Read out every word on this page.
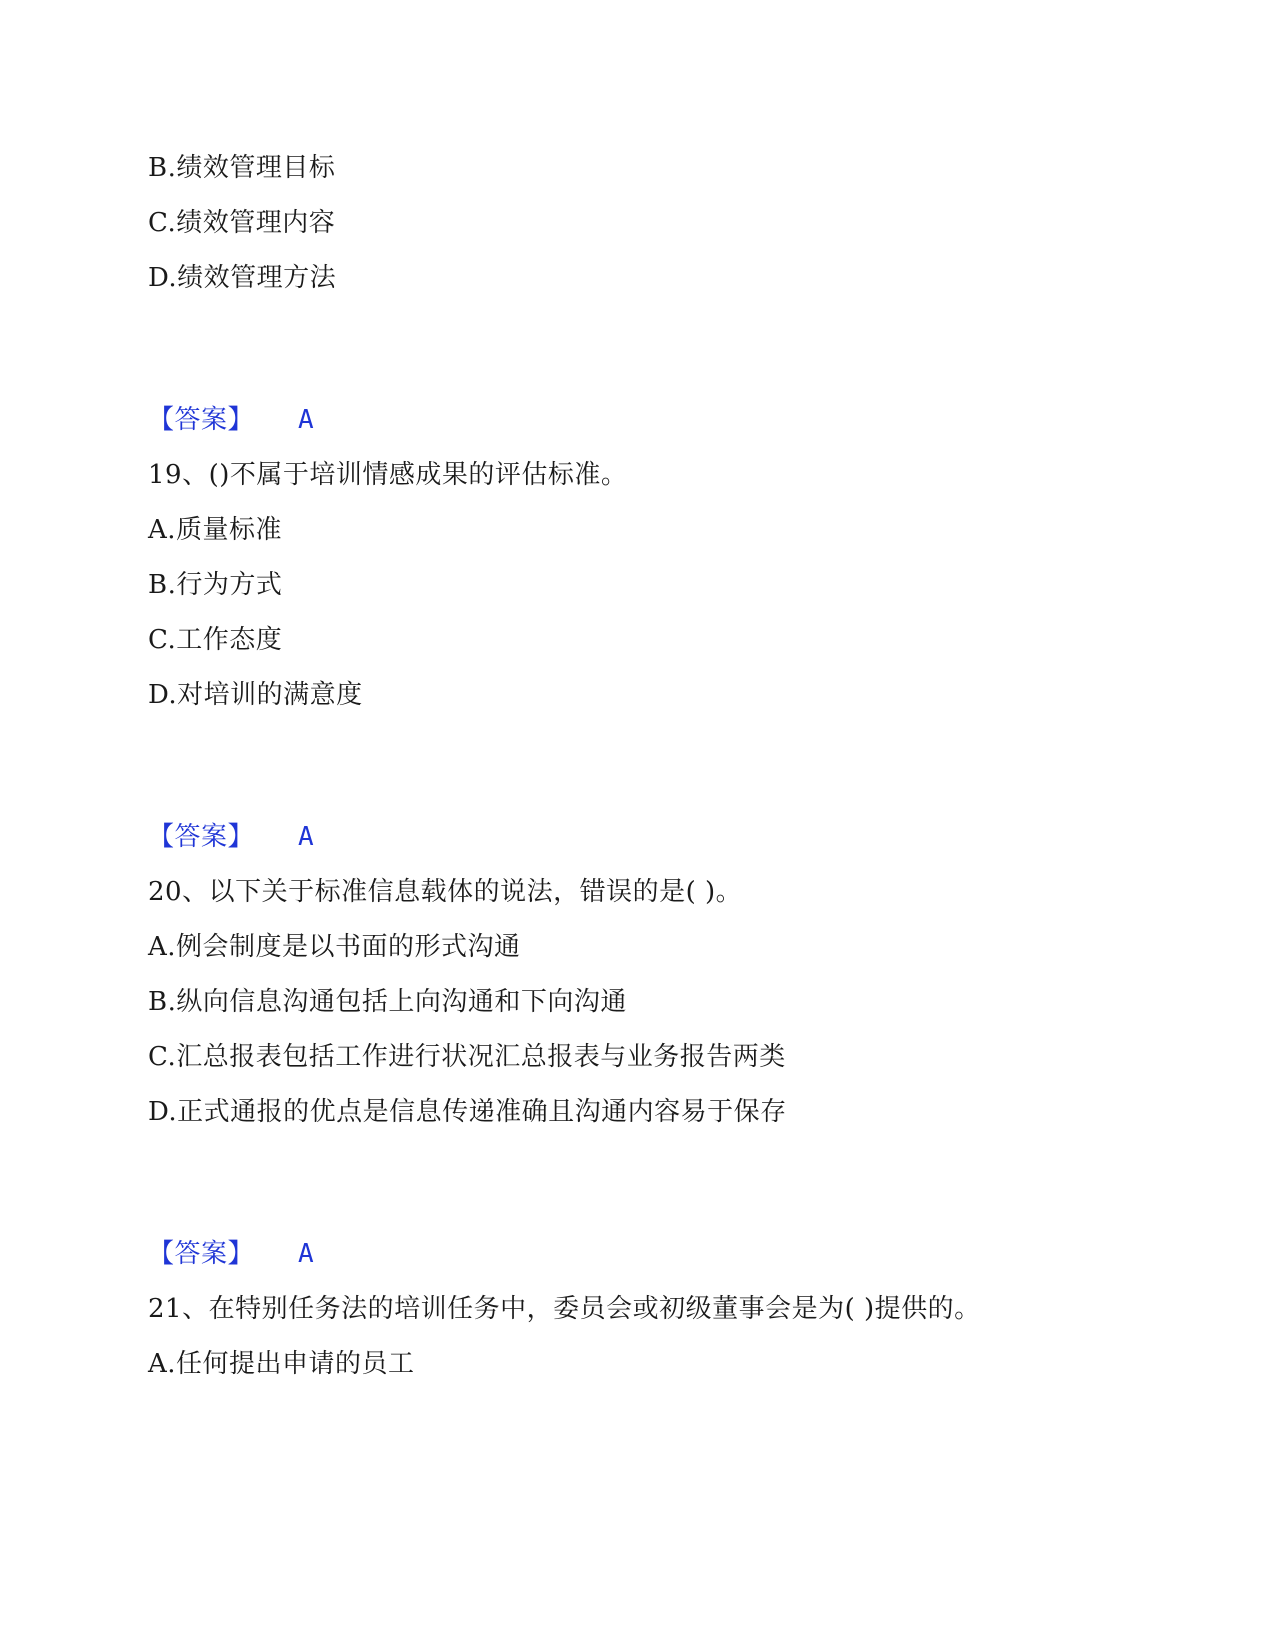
B.绩效管理目标
C.绩效管理内容
D.绩效管理方法
【答案】 A
19、()不属于培训情感成果的评估标准。
A.质量标准
B.行为方式
C.工作态度
D.对培训的满意度
【答案】 A
20、以下关于标准信息载体的说法，错误的是( )。
A.例会制度是以书面的形式沟通
B.纵向信息沟通包括上向沟通和下向沟通
C.汇总报表包括工作进行状况汇总报表与业务报告两类
D.正式通报的优点是信息传递准确且沟通内容易于保存
【答案】 A
21、在特别任务法的培训任务中，委员会或初级董事会是为( )提供的。
A.任何提出申请的员工
